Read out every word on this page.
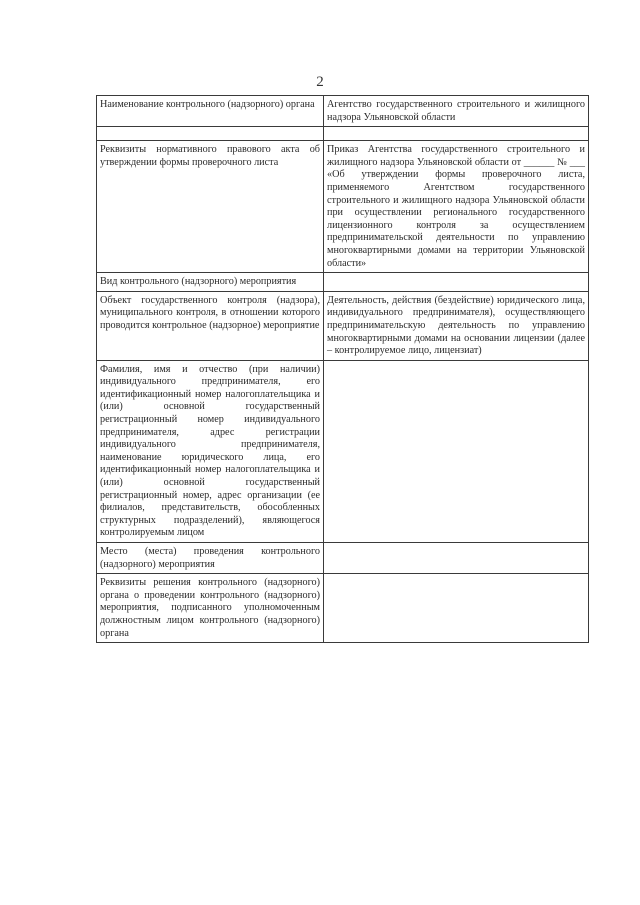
2
Наименование контрольного (надзорного) органа	Агентство государственного строительного и жилищного надзора Ульяновской области

Реквизиты нормативного правового акта об утверждении формы проверочного листа	Приказ Агентства государственного строительного и жилищного надзора Ульяновской области от ______ № ___ «Об утверждении формы проверочного листа, применяемого Агентством государственного строительного и жилищного надзора Ульяновской области при осуществлении регионального государственного лицензионного контроля за осуществлением предпринимательской деятельности по управлению многоквартирными домами на территории Ульяновской области»
Вид контрольного (надзорного) мероприятия	
Объект государственного контроля (надзора), муниципального контроля, в отношении которого проводится контрольное (надзорное) мероприятие	Деятельность, действия (бездействие) юридического лица, индивидуального предпринимателя), осуществляющего предпринимательскую деятельность по управлению многоквартирными домами на основании лицензии (далее – контролируемое лицо, лицензиат)
Фамилия, имя и отчество (при наличии) индивидуального предпринимателя, его идентификационный номер налогоплательщика и (или) основной государственный регистрационный номер индивидуального предпринимателя, адрес регистрации индивидуального предпринимателя, наименование юридического лица, его идентификационный номер налогоплательщика и (или) основной государственный регистрационный номер, адрес организации (ее филиалов, представительств, обособленных структурных подразделений), являющегося контролируемым лицом	
Место (места) проведения контрольного (надзорного) мероприятия	
Реквизиты решения контрольного (надзорного) органа о проведении контрольного (надзорного) мероприятия, подписанного уполномоченным должностным лицом контрольного (надзорного) органа	
